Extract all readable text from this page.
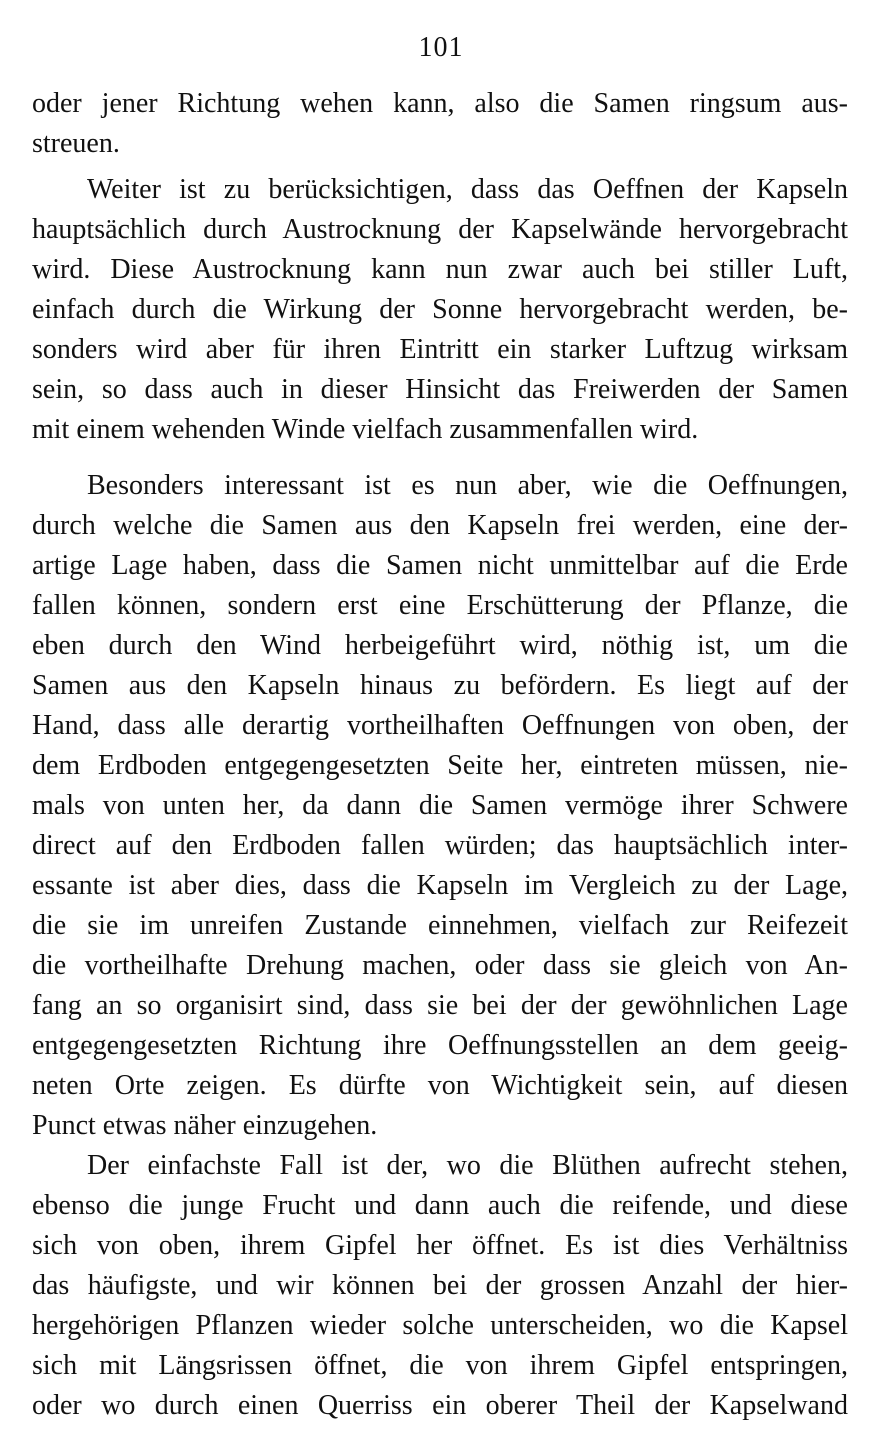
101
oder jener Richtung wehen kann, also die Samen ringsum aus-
streuen.
Weiter ist zu berücksichtigen, dass das Oeffnen der Kapseln
hauptsächlich durch Austrocknung der Kapselwände hervorgebracht
wird. Diese Austrocknung kann nun zwar auch bei stiller Luft,
einfach durch die Wirkung der Sonne hervorgebracht werden, be-
sonders wird aber für ihren Eintritt ein starker Luftzug wirksam
sein, so dass auch in dieser Hinsicht das Freiwerden der Samen
mit einem wehenden Winde vielfach zusammenfallen wird.
Besonders interessant ist es nun aber, wie die Oeffnungen,
durch welche die Samen aus den Kapseln frei werden, eine der-
artige Lage haben, dass die Samen nicht unmittelbar auf die Erde
fallen können, sondern erst eine Erschütterung der Pflanze, die
eben durch den Wind herbeigeführt wird, nöthig ist, um die
Samen aus den Kapseln hinaus zu befördern. Es liegt auf der
Hand, dass alle derartig vortheilhaften Oeffnungen von oben, der
dem Erdboden entgegengesetzten Seite her, eintreten müssen, nie-
mals von unten her, da dann die Samen vermöge ihrer Schwere
direct auf den Erdboden fallen würden; das hauptsächlich inter-
essante ist aber dies, dass die Kapseln im Vergleich zu der Lage,
die sie im unreifen Zustande einnehmen, vielfach zur Reifezeit
die vortheilhafte Drehung machen, oder dass sie gleich von An-
fang an so organisirt sind, dass sie bei der der gewöhnlichen Lage
entgegengesetzten Richtung ihre Oeffnungsstellen an dem geeig-
neten Orte zeigen. Es dürfte von Wichtigkeit sein, auf diesen
Punct etwas näher einzugehen.
Der einfachste Fall ist der, wo die Blüthen aufrecht stehen,
ebenso die junge Frucht und dann auch die reifende, und diese
sich von oben, ihrem Gipfel her öffnet. Es ist dies Verhältniss
das häufigste, und wir können bei der grossen Anzahl der hier-
hergehörigen Pflanzen wieder solche unterscheiden, wo die Kapsel
sich mit Längsrissen öffnet, die von ihrem Gipfel entspringen,
oder wo durch einen Querriss ein oberer Theil der Kapselwand
